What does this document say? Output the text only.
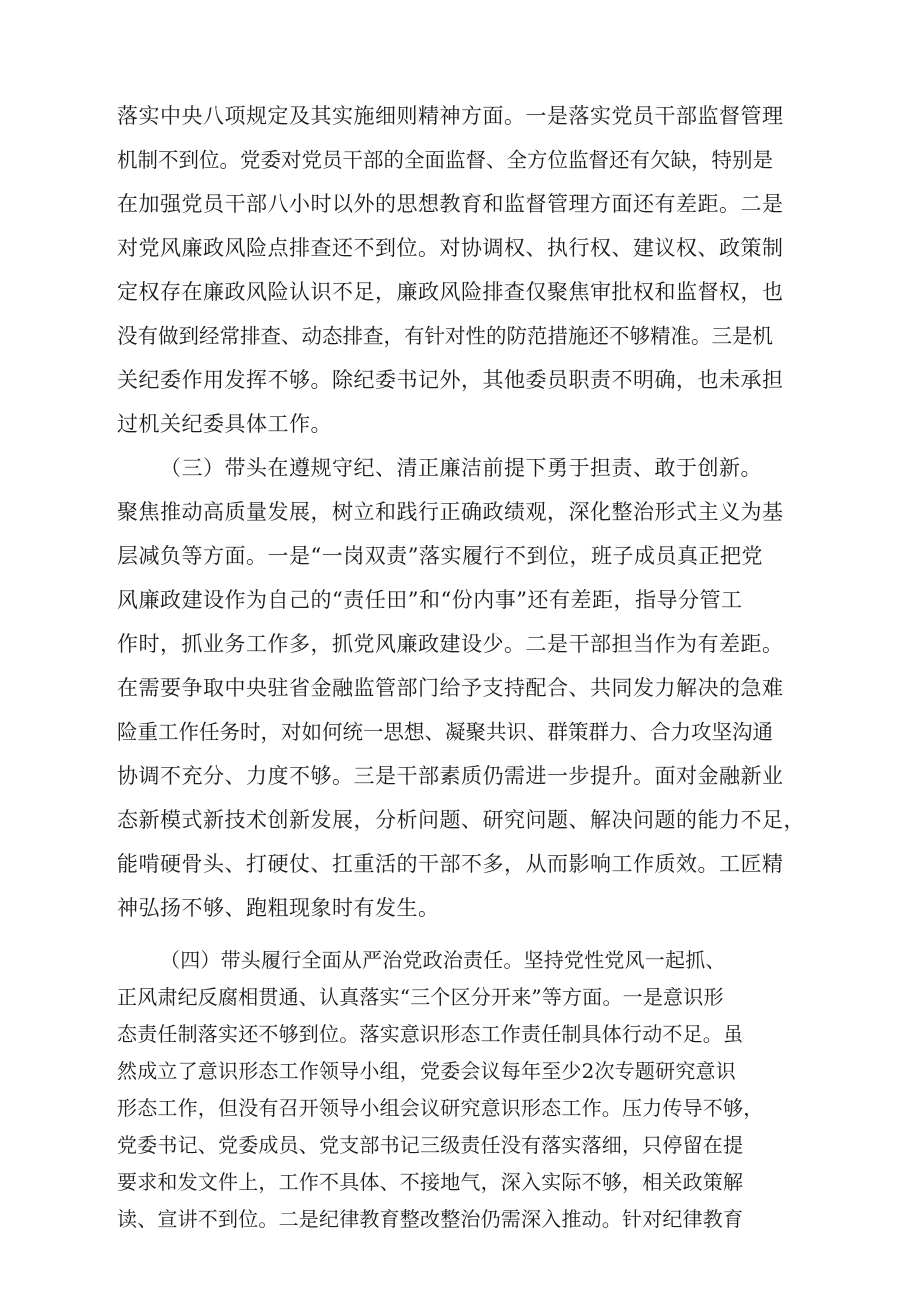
落实中央八项规定及其实施细则精神方面。一是落实党员干部监督管理
机制不到位。党委对党员干部的全面监督、全方位监督还有欠缺，特别是
在加强党员干部八小时以外的思想教育和监督管理方面还有差距。二是
对党风廉政风险点排查还不到位。对协调权、执行权、建议权、政策制
定权存在廉政风险认识不足，廉政风险排查仅聚焦审批权和监督权，也
没有做到经常排查、动态排查，有针对性的防范措施还不够精准。三是机
关纪委作用发挥不够。除纪委书记外，其他委员职责不明确，也未承担
过机关纪委具体工作。
（三）带头在遵规守纪、清正廉洁前提下勇于担责、敢于创新。
聚焦推动高质量发展，树立和践行正确政绩观，深化整治形式主义为基
层减负等方面。一是“一岗双责”落实履行不到位，班子成员真正把党
风廉政建设作为自己的“责任田”和“份内事”还有差距，指导分管工
作时，抓业务工作多，抓党风廉政建设少。二是干部担当作为有差距。
在需要争取中央驻省金融监管部门给予支持配合、共同发力解决的急难
险重工作任务时，对如何统一思想、凝聚共识、群策群力、合力攻坚沟通
协调不充分、力度不够。三是干部素质仍需进一步提升。面对金融新业
态新模式新技术创新发展，分析问题、研究问题、解决问题的能力不足，
能啃硬骨头、打硬仗、扛重活的干部不多，从而影响工作质效。工匠精
神弘扬不够、跑粗现象时有发生。
（四）带头履行全面从严治党政治责任。坚持党性党风一起抓、
正风肃纪反腐相贯通、认真落实“三个区分开来”等方面。一是意识形
态责任制落实还不够到位。落实意识形态工作责任制具体行动不足。虽
然成立了意识形态工作领导小组，党委会议每年至少2次专题研究意识
形态工作，但没有召开领导小组会议研究意识形态工作。压力传导不够，
党委书记、党委成员、党支部书记三级责任没有落实落细，只停留在提
要求和发文件上，工作不具体、不接地气，深入实际不够，相关政策解
读、宣讲不到位。二是纪律教育整改整治仍需深入推动。针对纪律教育
